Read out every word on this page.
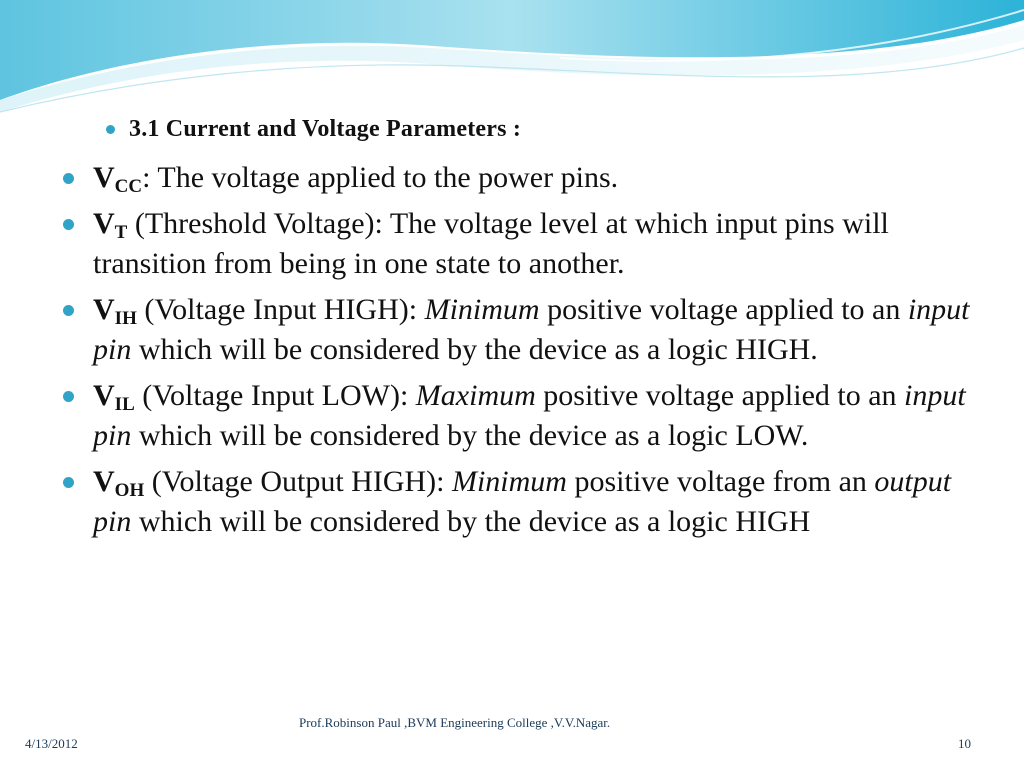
3.1 Current and Voltage Parameters :
$V_{CC}$: The voltage applied to the power pins.
$V_T$ (Threshold Voltage): The voltage level at which input pins will transition from being in one state to another.
$V_{IH}$ (Voltage Input HIGH): Minimum positive voltage applied to an input pin which will be considered by the device as a logic HIGH.
$V_{IL}$ (Voltage Input LOW): Maximum positive voltage applied to an input pin which will be considered by the device as a logic LOW.
$V_{OH}$ (Voltage Output HIGH): Minimum positive voltage from an output pin which will be considered by the device as a logic HIGH
4/13/2012
Prof.Robinson Paul ,BVM Engineering College ,V.V.Nagar.
10
